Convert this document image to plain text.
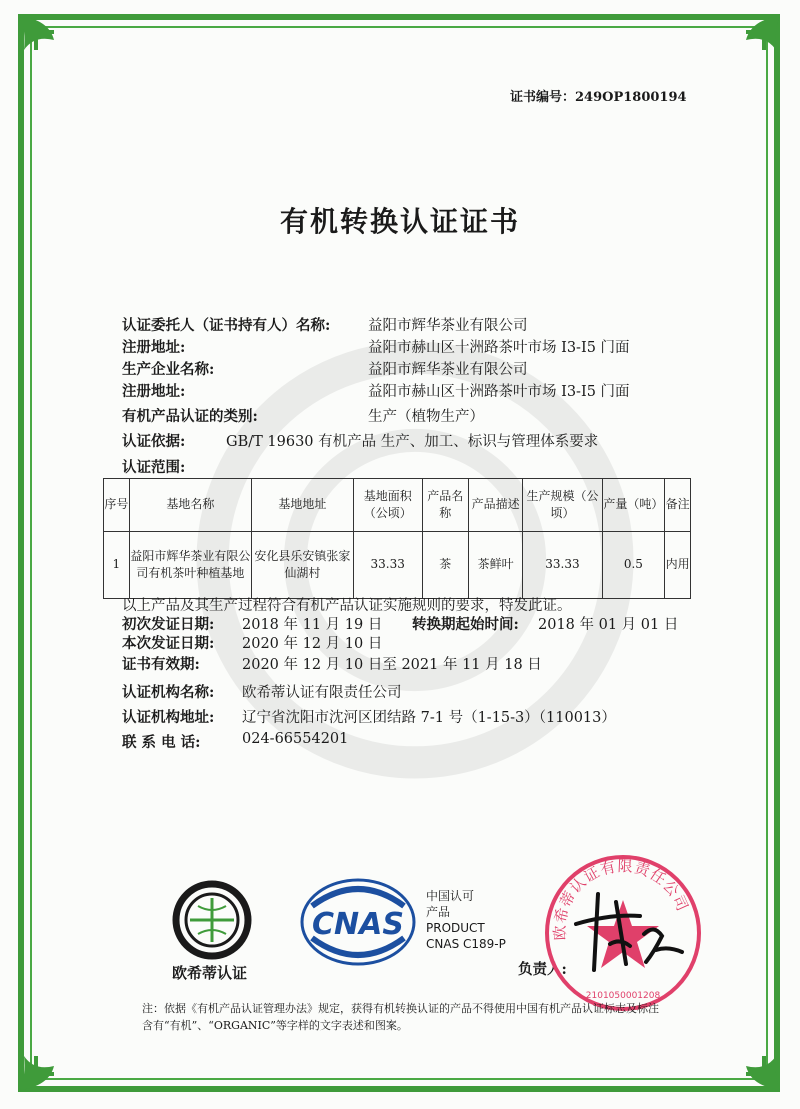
证书编号：249OP1800194
有机转换认证证书
认证委托人（证书持有人）名称:	益阳市辉华茶业有限公司
注册地址:	益阳市赫山区十洲路茶叶市场 I3-I5 门面
生产企业名称:	益阳市辉华茶业有限公司
注册地址:	益阳市赫山区十洲路茶叶市场 I3-I5 门面
有机产品认证的类别:	生产（植物生产）
认证依据:	GB/T 19630 有机产品 生产、加工、标识与管理体系要求
认证范围:
序号	基地名称	基地地址	基地面积（公顷）	产品名称	产品描述	生产规模（公顷）	产量（吨）	备注
1	益阳市辉华茶业有限公司有机茶叶种植基地	安化县乐安镇张家仙湖村	33.33	茶	茶鲜叶	33.33	0.5	内用
以上产品及其生产过程符合有机产品认证实施规则的要求，特发此证。
初次发证日期: 2018 年 11 月 19 日 转换期起始时间: 2018 年 01 月 01 日
本次发证日期: 2020 年 12 月 10 日
证书有效期:	2020 年 12 月 10 日至 2021 年 11 月 18 日
认证机构名称: 欧希蒂认证有限责任公司
认证机构地址: 辽宁省沈阳市沈河区团结路 7-1 号（1-15-3）（110013）
联 系 电 话:	024-66554201
欧希蒂认证
CNAS
中国认可
产品
PRODUCT
CNAS C189-P
负责人:
欧希蒂认证有限责任公司
2101050001208
注：依据《有机产品认证管理办法》规定，获得有机转换认证的产品不得使用中国有机产品认证标志及标注含有“有机”、“ORGANIC”等字样的文字表述和图案。
